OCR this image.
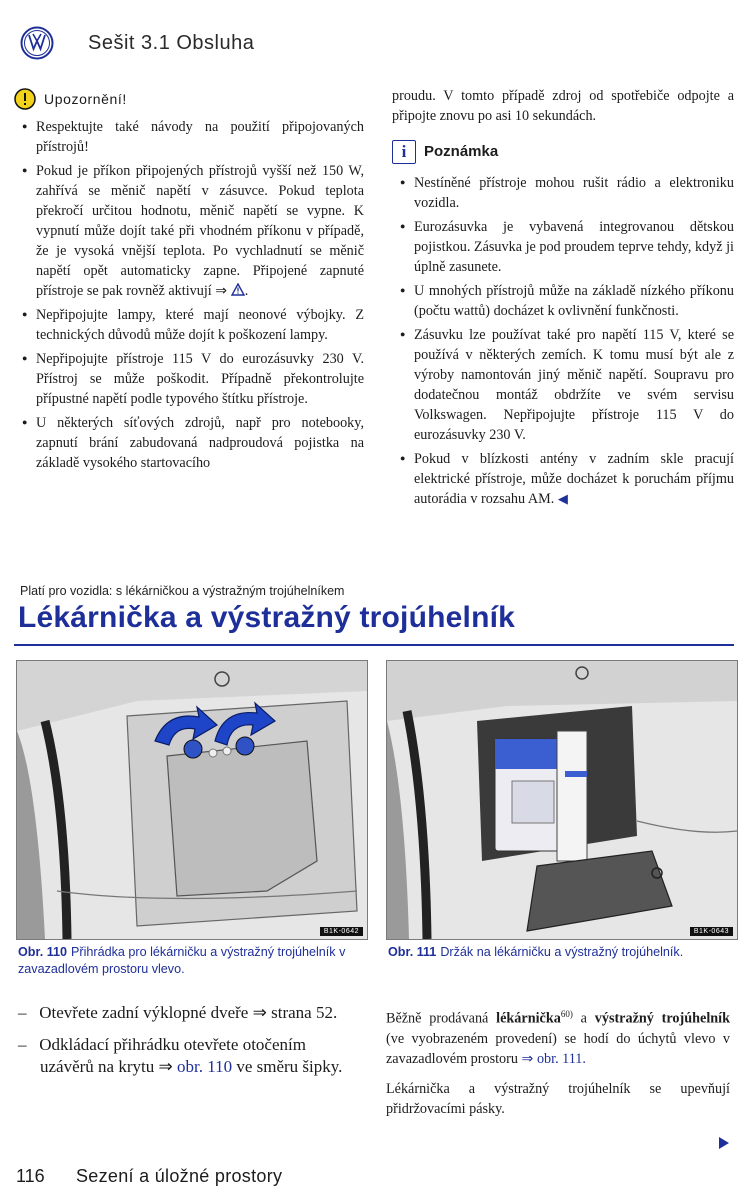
Sešit 3.1 Obsluha
Upozornění!

● Respektujte také návody na použití připojovaných přístrojů!

● Pokud je příkon připojených přístrojů vyšší než 150 W, zahřívá se měnič napětí v zásuvce. Pokud teplota překročí určitou hodnotu, měnič napětí se vypne. K vypnutí může dojít také při vhodném příkonu v případě, že je vysoká vnější teplota. Po vychladnutí se měnič napětí opět automaticky zapne. Připojené zapnuté přístroje se pak rovněž aktivují ⇒ .

● Nepřipojujte lampy, které mají neonové výbojky. Z technických důvodů může dojít k poškození lampy.

● Nepřipojujte přístroje 115 V do eurozásuvky 230 V. Přístroj se může poškodit. Případně překontrolujte přípustné napětí podle typového štítku přístroje.

● U některých síťových zdrojů, např pro notebooky, zapnutí brání zabudovaná nadproudová pojistka na základě vysokého startovacího

proudu. V tomto případě zdroj od spotřebiče odpojte a připojte znovu po asi 10 sekundách.

i	Poznámka

● Nestíněné přístroje mohou rušit rádio a elektroniku vozidla.

● Eurozásuvka je vybavená integrovanou dětskou pojistkou. Zásuvka je pod proudem teprve tehdy, když ji úplně zasunete.

● U mnohých přístrojů může na základě nízkého příkonu (počtu wattů) docházet k ovlivnění funkčnosti.

● Zásuvku lze používat také pro napětí 115 V, které se používá v některých zemích. K tomu musí být ale z výroby namontován jiný měnič napětí. Soupravu pro dodatečnou montáž obdržíte ve svém servisu Volkswagen. Nepřipojujte přístroje 115 V do eurozásuvky 230 V.

● Pokud v blízkosti antény v zadním skle pracují elektrické přístroje, může docházet k poruchám příjmu autorádia v rozsahu AM. ◀

Platí pro vozidla: s lékárničkou a výstražným trojúhelníkem
Lékárnička a výstražný trojúhelník
B1K-0642	B1K-0643
Obr. 110 Přihrádka pro lékárničku a výstražný trojúhelník v zavazadlovém prostoru vlevo.
Obr. 111 Držák na lékárničku a výstražný trojúhelník.

–   Otevřete zadní výklopné dveře ⇒ strana 52.

–   Odkládací přihrádku otevřete otočením uzávěrů na krytu ⇒ obr. 110 ve směru šipky.

Běžně prodávaná lékárnička$^{60)}$ a výstražný trojúhelník (ve vyobrazeném provedení) se hodí do úchytů vlevo v zavazadlovém prostoru ⇒ obr. 111.

Lékárnička a výstražný trojúhelník se upevňují přidržovacími pásky.

116 Sezení a úložné prostory
